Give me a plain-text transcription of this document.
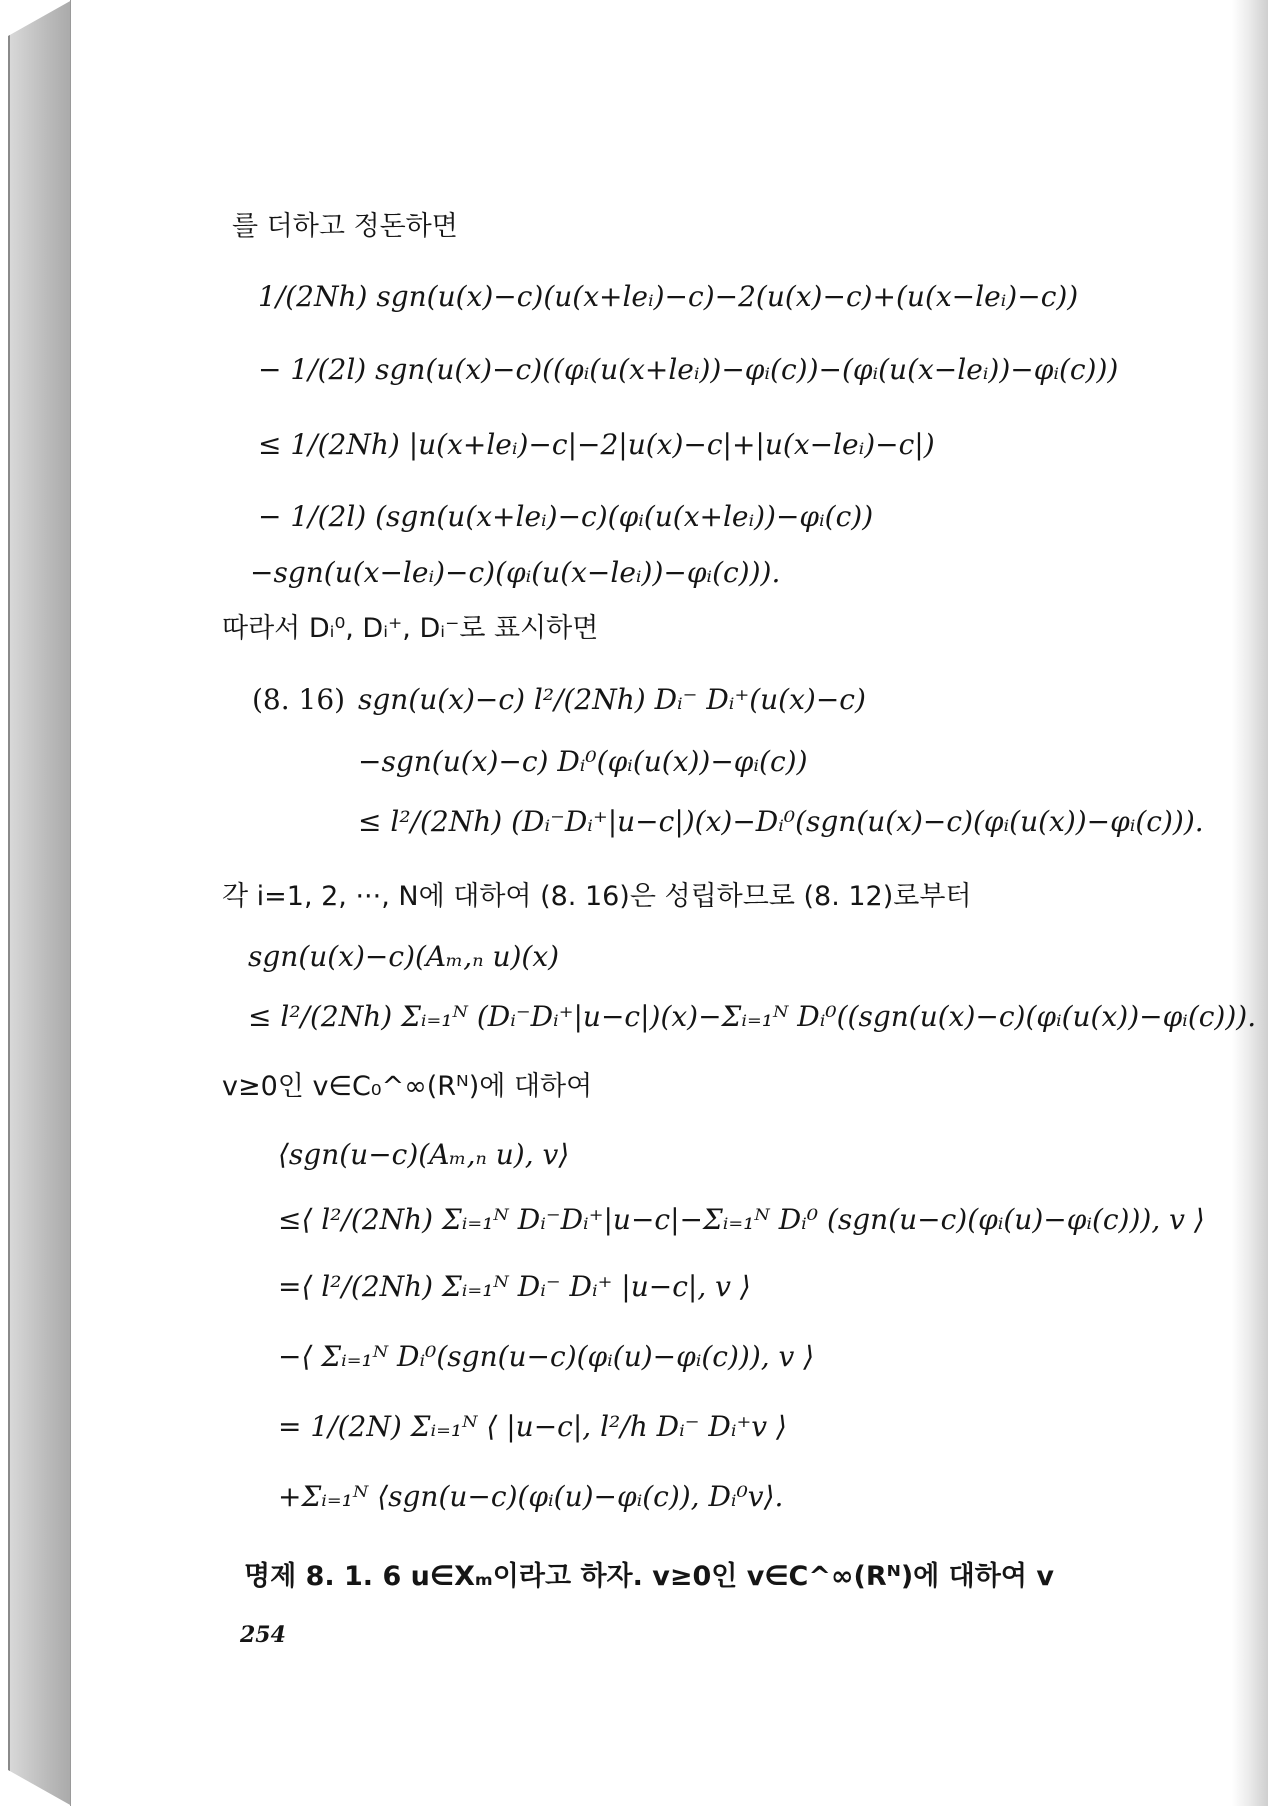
를 더하고 정돈하면
1/(2Nh) sgn(u(x)−c)(u(x+leᵢ)−c)−2(u(x)−c)+(u(x−leᵢ)−c))
− 1/(2l) sgn(u(x)−c)((φᵢ(u(x+leᵢ))−φᵢ(c))−(φᵢ(u(x−leᵢ))−φᵢ(c)))
≤ 1/(2Nh) |u(x+leᵢ)−c|−2|u(x)−c|+|u(x−leᵢ)−c|)
− 1/(2l) (sgn(u(x+leᵢ)−c)(φᵢ(u(x+leᵢ))−φᵢ(c))
−sgn(u(x−leᵢ)−c)(φᵢ(u(x−leᵢ))−φᵢ(c))).
따라서 Dᵢ⁰, Dᵢ⁺, Dᵢ⁻로 표시하면
(8. 16) sgn(u(x)−c) l²/(2Nh) Dᵢ⁻ Dᵢ⁺(u(x)−c)
−sgn(u(x)−c) Dᵢ⁰(φᵢ(u(x))−φᵢ(c))
≤ l²/(2Nh) (Dᵢ⁻Dᵢ⁺|u−c|)(x)−Dᵢ⁰(sgn(u(x)−c)(φᵢ(u(x))−φᵢ(c))).
각 i=1, 2, ···, N에 대하여 (8. 16)은 성립하므로 (8. 12)로부터
sgn(u(x)−c)(Aₘ,ₙ u)(x)
≤ l²/(2Nh) Σᵢ₌₁ᴺ (Dᵢ⁻Dᵢ⁺|u−c|)(x)−Σᵢ₌₁ᴺ Dᵢ⁰((sgn(u(x)−c)(φᵢ(u(x))−φᵢ(c))).
v≥0인 v∈C₀^∞(Rᴺ)에 대하여
⟨sgn(u−c)(Aₘ,ₙ u), v⟩
≤⟨ l²/(2Nh) Σᵢ₌₁ᴺ Dᵢ⁻Dᵢ⁺|u−c|−Σᵢ₌₁ᴺ Dᵢ⁰ (sgn(u−c)(φᵢ(u)−φᵢ(c))), v ⟩
=⟨ l²/(2Nh) Σᵢ₌₁ᴺ Dᵢ⁻ Dᵢ⁺ |u−c|, v ⟩
−⟨ Σᵢ₌₁ᴺ Dᵢ⁰(sgn(u−c)(φᵢ(u)−φᵢ(c))), v ⟩
= 1/(2N) Σᵢ₌₁ᴺ ⟨ |u−c|, l²/h Dᵢ⁻ Dᵢ⁺v ⟩
+Σᵢ₌₁ᴺ ⟨sgn(u−c)(φᵢ(u)−φᵢ(c)), Dᵢ⁰v⟩.
명제 8. 1. 6 u∈Xₘ이라고 하자. v≥0인 v∈C^∞(Rᴺ)에 대하여 v
254
